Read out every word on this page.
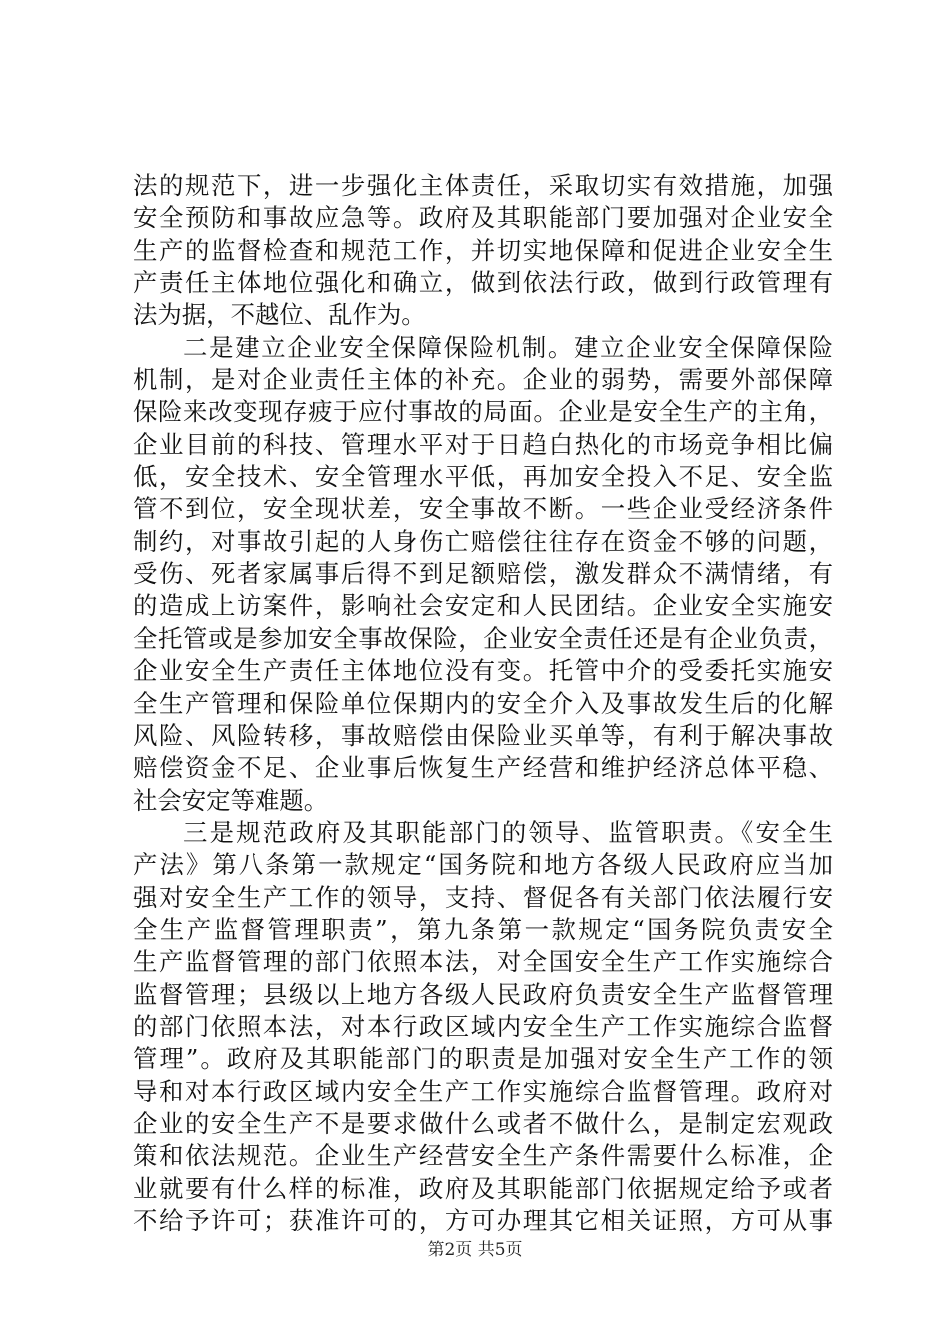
法的规范下，进一步强化主体责任，采取切实有效措施，加强
安全预防和事故应急等。政府及其职能部门要加强对企业安全
生产的监督检查和规范工作，并切实地保障和促进企业安全生
产责任主体地位强化和确立，做到依法行政，做到行政管理有
法为据，不越位、乱作为。
二是建立企业安全保障保险机制。建立企业安全保障保险
机制，是对企业责任主体的补充。企业的弱势，需要外部保障
保险来改变现存疲于应付事故的局面。企业是安全生产的主角，
企业目前的科技、管理水平对于日趋白热化的市场竞争相比偏
低，安全技术、安全管理水平低，再加安全投入不足、安全监
管不到位，安全现状差，安全事故不断。一些企业受经济条件
制约，对事故引起的人身伤亡赔偿往往存在资金不够的问题，
受伤、死者家属事后得不到足额赔偿，激发群众不满情绪，有
的造成上访案件，影响社会安定和人民团结。企业安全实施安
全托管或是参加安全事故保险，企业安全责任还是有企业负责，
企业安全生产责任主体地位没有变。托管中介的受委托实施安
全生产管理和保险单位保期内的安全介入及事故发生后的化解
风险、风险转移，事故赔偿由保险业买单等，有利于解决事故
赔偿资金不足、企业事后恢复生产经营和维护经济总体平稳、
社会安定等难题。
三是规范政府及其职能部门的领导、监管职责。《安全生
产法》第八条第一款规定“国务院和地方各级人民政府应当加
强对安全生产工作的领导，支持、督促各有关部门依法履行安
全生产监督管理职责”，第九条第一款规定“国务院负责安全
生产监督管理的部门依照本法，对全国安全生产工作实施综合
监督管理；县级以上地方各级人民政府负责安全生产监督管理
的部门依照本法，对本行政区域内安全生产工作实施综合监督
管理”。政府及其职能部门的职责是加强对安全生产工作的领
导和对本行政区域内安全生产工作实施综合监督管理。政府对
企业的安全生产不是要求做什么或者不做什么，是制定宏观政
策和依法规范。企业生产经营安全生产条件需要什么标准，企
业就要有什么样的标准，政府及其职能部门依据规定给予或者
不给予许可；获准许可的，方可办理其它相关证照，方可从事
第2页 共5页
